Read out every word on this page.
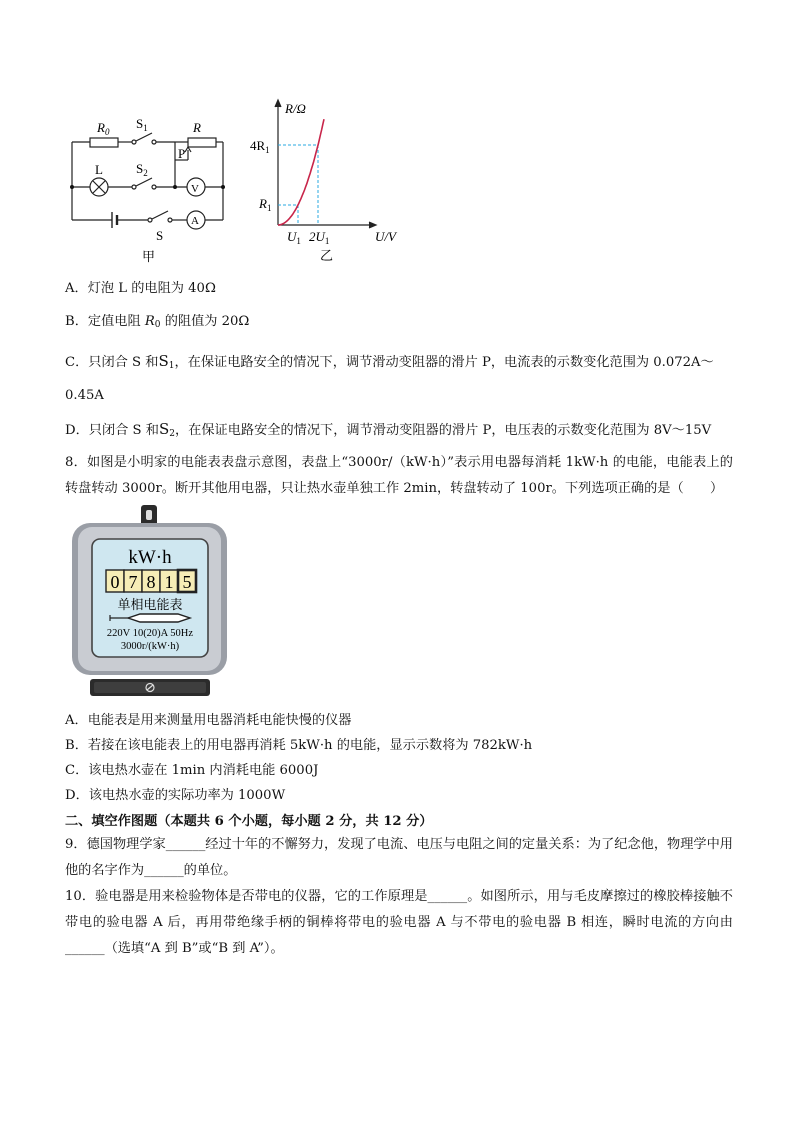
$R_0$
$S_1$	R
P
L	$S_2$
V
A
S
甲
R/Ω
$4R_1$
$R_1$
$U_1$ $2U_1$	U/V
乙
A．灯泡 L 的电阻为 40Ω
B．定值电阻 $R_0$ 的阻值为 20Ω
C．只闭合 S 和$S_1$，在保证电路安全的情况下，调节滑动变阻器的滑片 P，电流表的示数变化范围为 0.072A～
0.45A
D．只闭合 S 和$S_2$，在保证电路安全的情况下，调节滑动变阻器的滑片 P，电压表的示数变化范围为 8V～15V
8．如图是小明家的电能表表盘示意图，表盘上“3000r/（kW·h）”表示用电器每消耗 1kW·h 的电能，电能表上的转盘转动 3000r。断开其他用电器，只让热水壶单独工作 2min，转盘转动了 100r。下列选项正确的是（　　）
kW·h
0 7 8 1 5
单相电能表
220V 10(20)A 50Hz
3000r/(kW·h)
A．电能表是用来测量用电器消耗电能快慢的仪器
B．若接在该电能表上的用电器再消耗 5kW·h 的电能，显示示数将为 782kW·h
C．该电热水壶在 1min 内消耗电能 6000J
D．该电热水壶的实际功率为 1000W
二、填空作图题（本题共 6 个小题，每小题 2 分，共 12 分）
9．德国物理学家______经过十年的不懈努力，发现了电流、电压与电阻之间的定量关系：为了纪念他，物理学中用他的名字作为______的单位。
10．验电器是用来检验物体是否带电的仪器，它的工作原理是______。如图所示，用与毛皮摩擦过的橡胶棒接触不带电的验电器 A 后，再用带绝缘手柄的铜棒将带电的验电器 A 与不带电的验电器 B 相连，瞬时电流的方向由______（选填“A 到 B”或“B 到 A”）。
